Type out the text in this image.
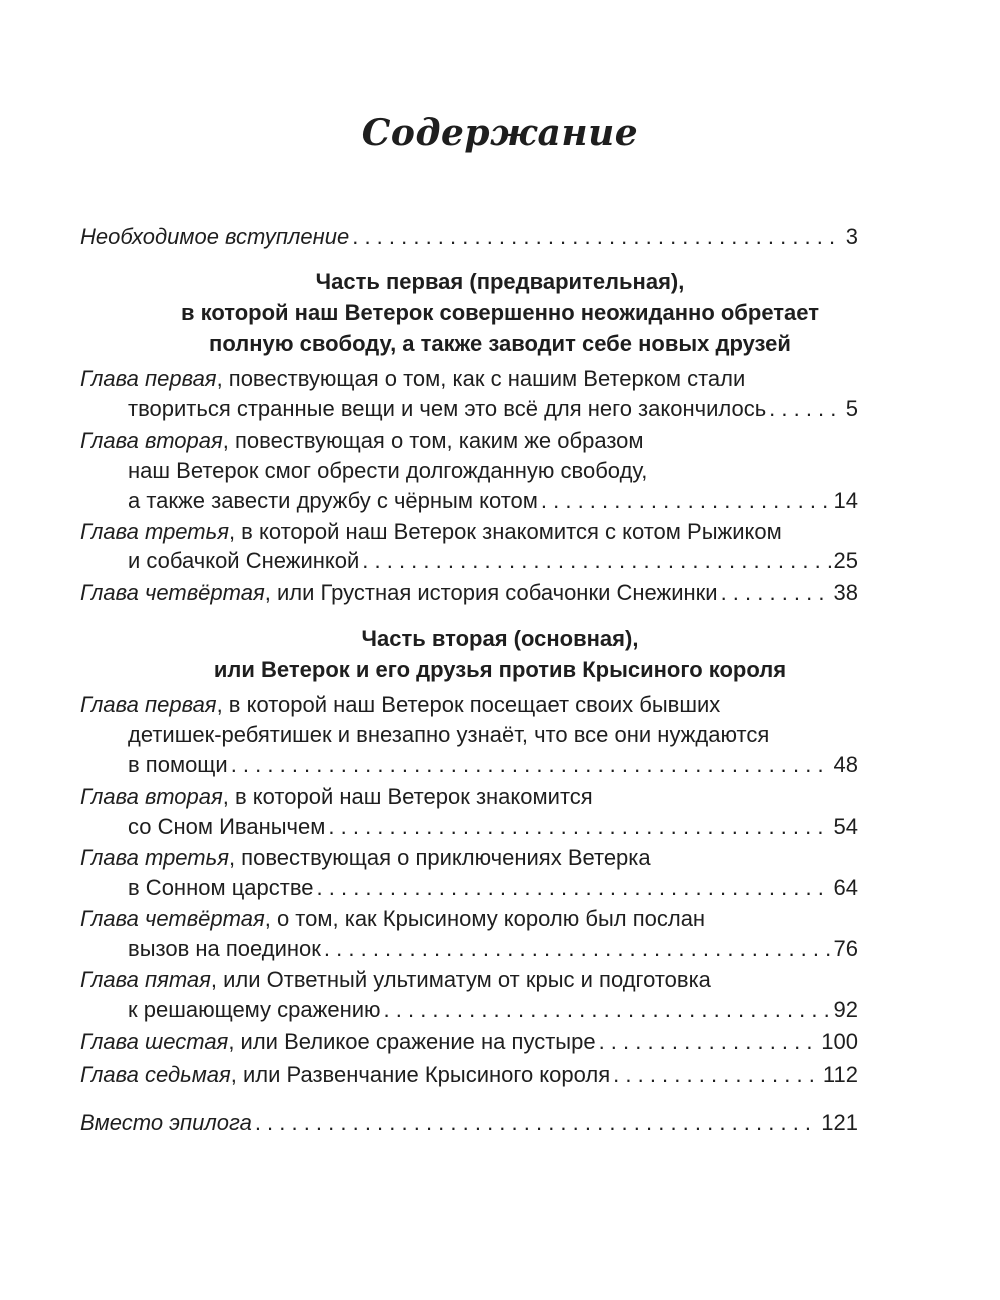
Содержание
Необходимое вступление . . .	3
Часть первая (предварительная),
в которой наш Ветерок совершенно неожиданно обретает
полную свободу, а также заводит себе новых друзей
Глава первая , повествующая о том, как с нашим Ветерком стали
творитьcя странные вещи и чем это всё для него закончилось . . .	5
Глава вторая , повествующая о том, каким же образом
наш Ветерок смог обрести долгожданную свободу,
а также завести дружбу с чёрным котом . . .	14
Глава третья , в которой наш Ветерок знакомится с котом Рыжиком
и собачкой Снежинкой . . .	25
Глава четвёртая , или Грустная история собачонки Снежинки . . .	38
Часть вторая (основная),
или Ветерок и его друзья против Крысиного короля
Глава первая , в которой наш Ветерок посещает своих бывших
детишек-ребятишек и внезапно узнаёт, что все они нуждаются
в помощи . . .	48
Глава вторая , в которой наш Ветерок знакомится
со Сном Иванычем . . .	54
Глава третья , повествующая о приключениях Ветерка
в Сонном царстве . . .	64
Глава четвёртая , о том, как Крысиному королю был послан
вызов на поединок . . .	76
Глава пятая , или Ответный ультиматум от крыс и подготовка
к решающему сражению . . .	92
Глава шестая , или Великое сражение на пустыре . . .	100
Глава седьмая , или Развенчание Крысиного короля . . .	112
Вместо эпилога . . .	121
